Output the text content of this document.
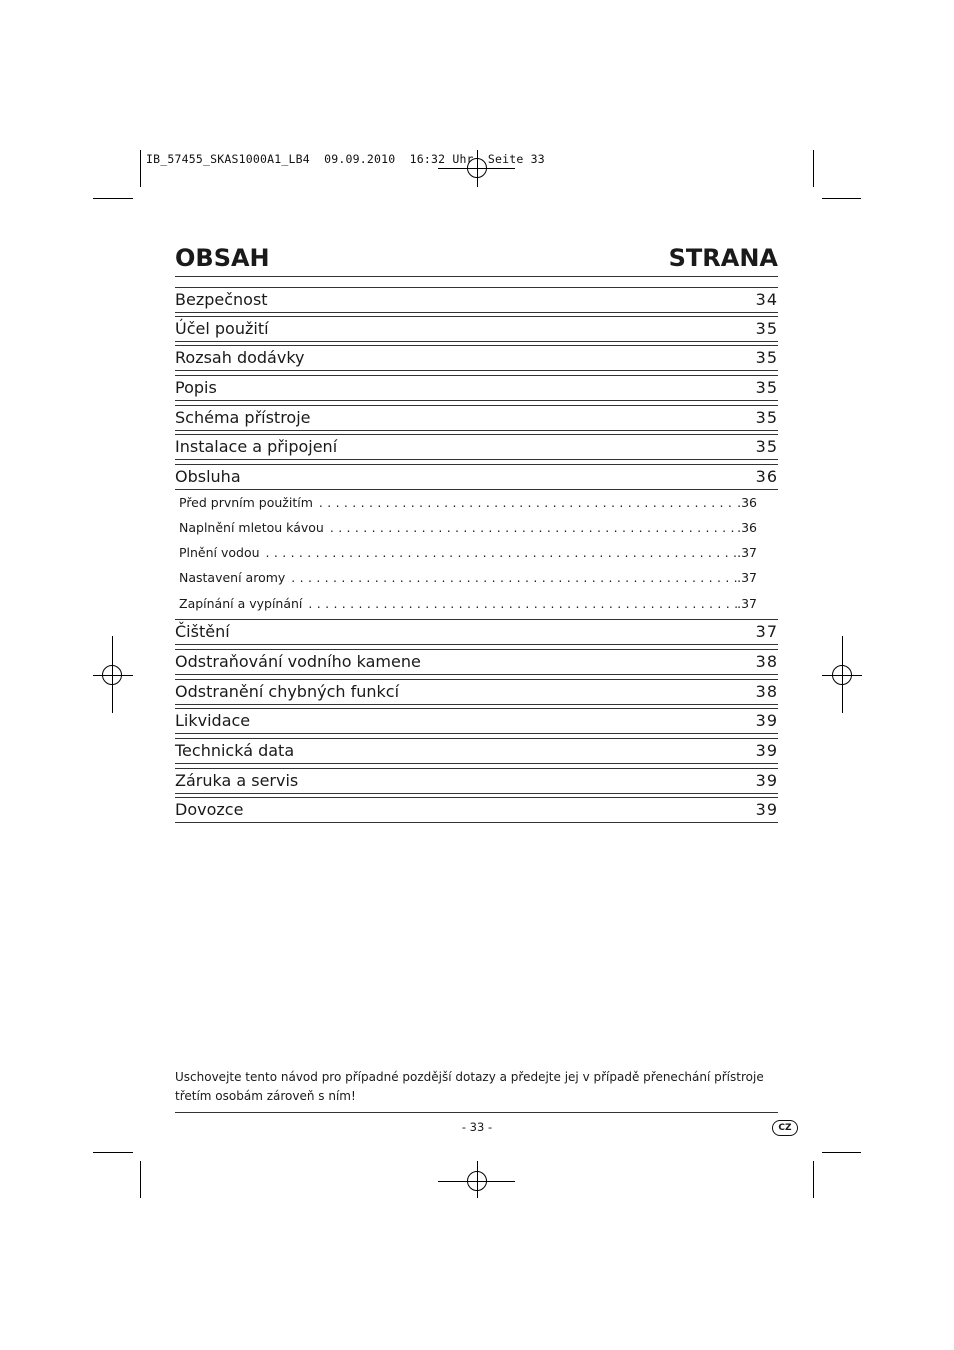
IB_57455_SKAS1000A1_LB4  09.09.2010  16:32 Uhr  Seite 33
OBSAH	STRANA
Bezpečnost	34
Účel použití	35
Rozsah dodávky	35
Popis	35
Schéma přístroje	35
Instalace a připojení	35
Obsluha	36
Před prvním použitím . . .	.36
Naplnění mletou kávou . . .	.36
Plnění vodou . . .	.37
Nastavení aromy . . .	.37
Zapínání a vypínání . . .	.37
Čištění	37
Odstraňování vodního kamene	38
Odstranění chybných funkcí	38
Likvidace	39
Technická data	39
Záruka a servis	39
Dovozce	39
Uschovejte tento návod pro případné pozdější dotazy a předejte jej v případě přenechání přístroje třetím osobám zároveň s ním!
- 33 -	CZ
